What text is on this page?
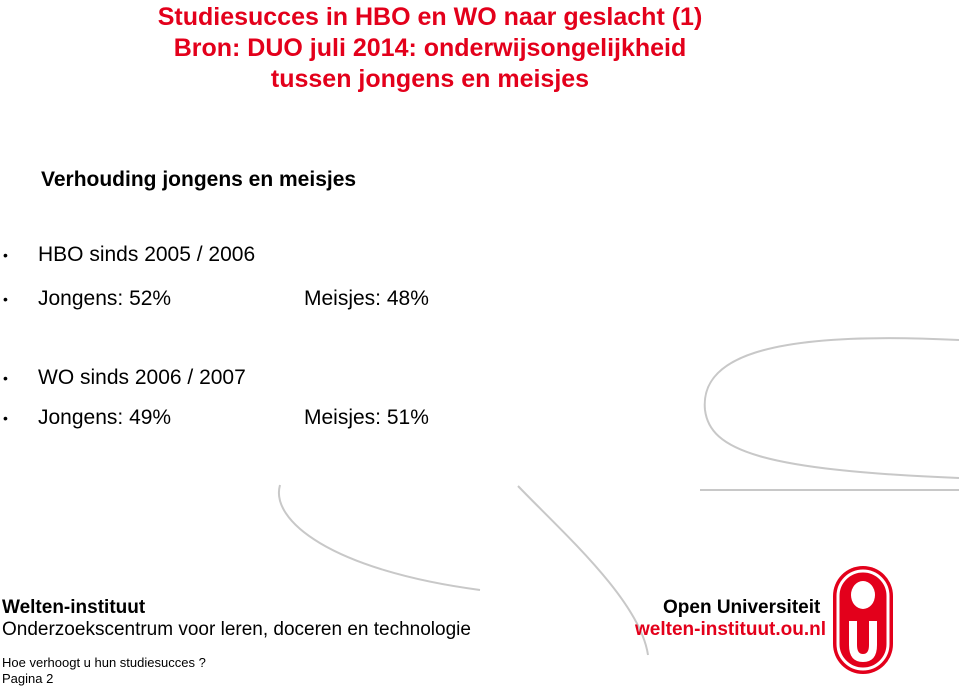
Studiesucces in HBO en WO naar geslacht (1)
Bron: DUO juli 2014: onderwijsongelijkheid
tussen jongens en meisjes
Verhouding jongens en meisjes
• HBO sinds 2005 / 2006
• Jongens: 52%	Meisjes: 48%
• WO sinds 2006 / 2007
• Jongens: 49%	Meisjes: 51%
Welten-instituut
Onderzoekscentrum voor leren, doceren en technologie
Open Universiteit
welten-instituut.ou.nl
Hoe verhoogt u hun studiesucces ?
Pagina 2
